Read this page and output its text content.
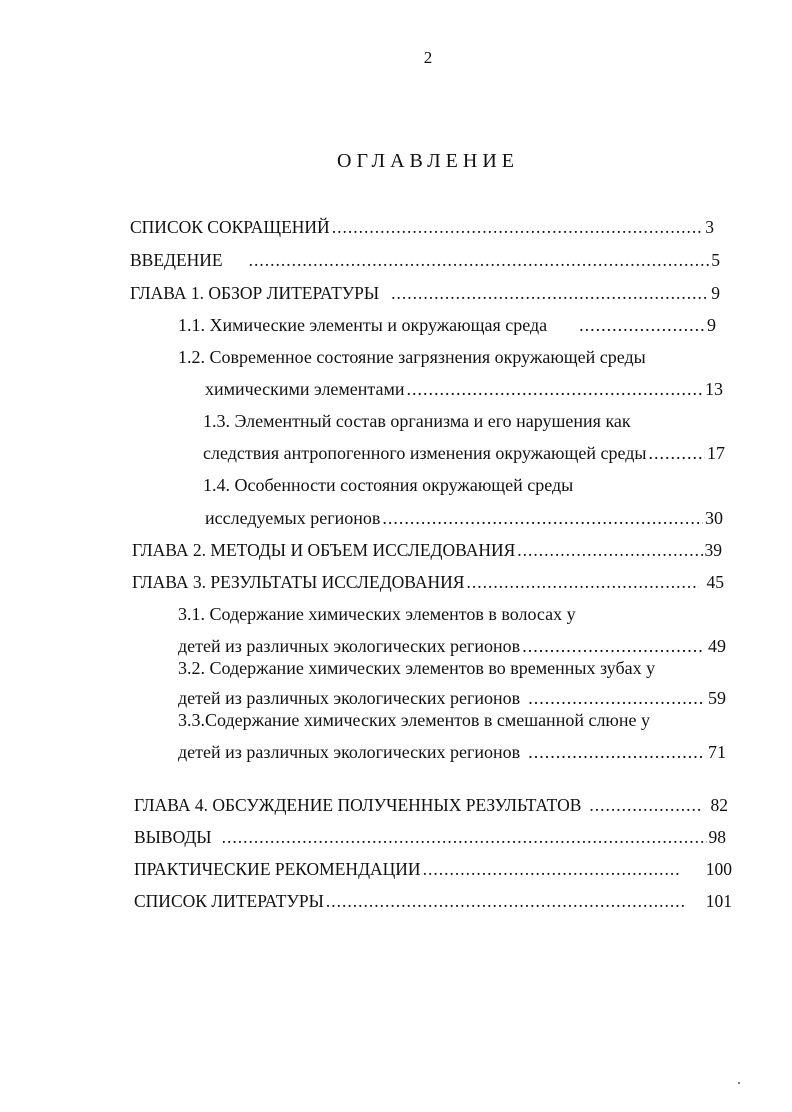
2
ОГЛАВЛЕНИЕ
СПИСОК СОКРАЩЕНИЙ .....	3
ВВЕДЕНИЕ .....	5
ГЛАВА 1. ОБЗОР ЛИТЕРАТУРЫ .....	9
1.1. Химические элементы и окружающая среда .....	9
1.2. Современное состояние загрязнения окружающей среды
химическими элементами .....	13
1.3. Элементный состав организма и его нарушения как
следствия антропогенного изменения окружающей среды .....	17
1.4. Особенности состояния окружающей среды
исследуемых регионов .....	30
ГЛАВА 2. МЕТОДЫ И ОБЪЕМ ИССЛЕДОВАНИЯ .....	39
ГЛАВА 3. РЕЗУЛЬТАТЫ ИССЛЕДОВАНИЯ .....	45
3.1. Содержание химических элементов в волосах у
детей из различных экологических регионов .....	49
3.2. Содержание химических элементов во временных зубах у
детей из различных экологических регионов .....	59
3.3.Содержание химических элементов в смешанной слюне у
детей из различных экологических регионов .....	71
ГЛАВА 4. ОБСУЖДЕНИЕ ПОЛУЧЕННЫХ РЕЗУЛЬТАТОВ .....	82
ВЫВОДЫ .....	98
ПРАКТИЧЕСКИЕ РЕКОМЕНДАЦИИ .....	100
СПИСОК ЛИТЕРАТУРЫ .....	101
